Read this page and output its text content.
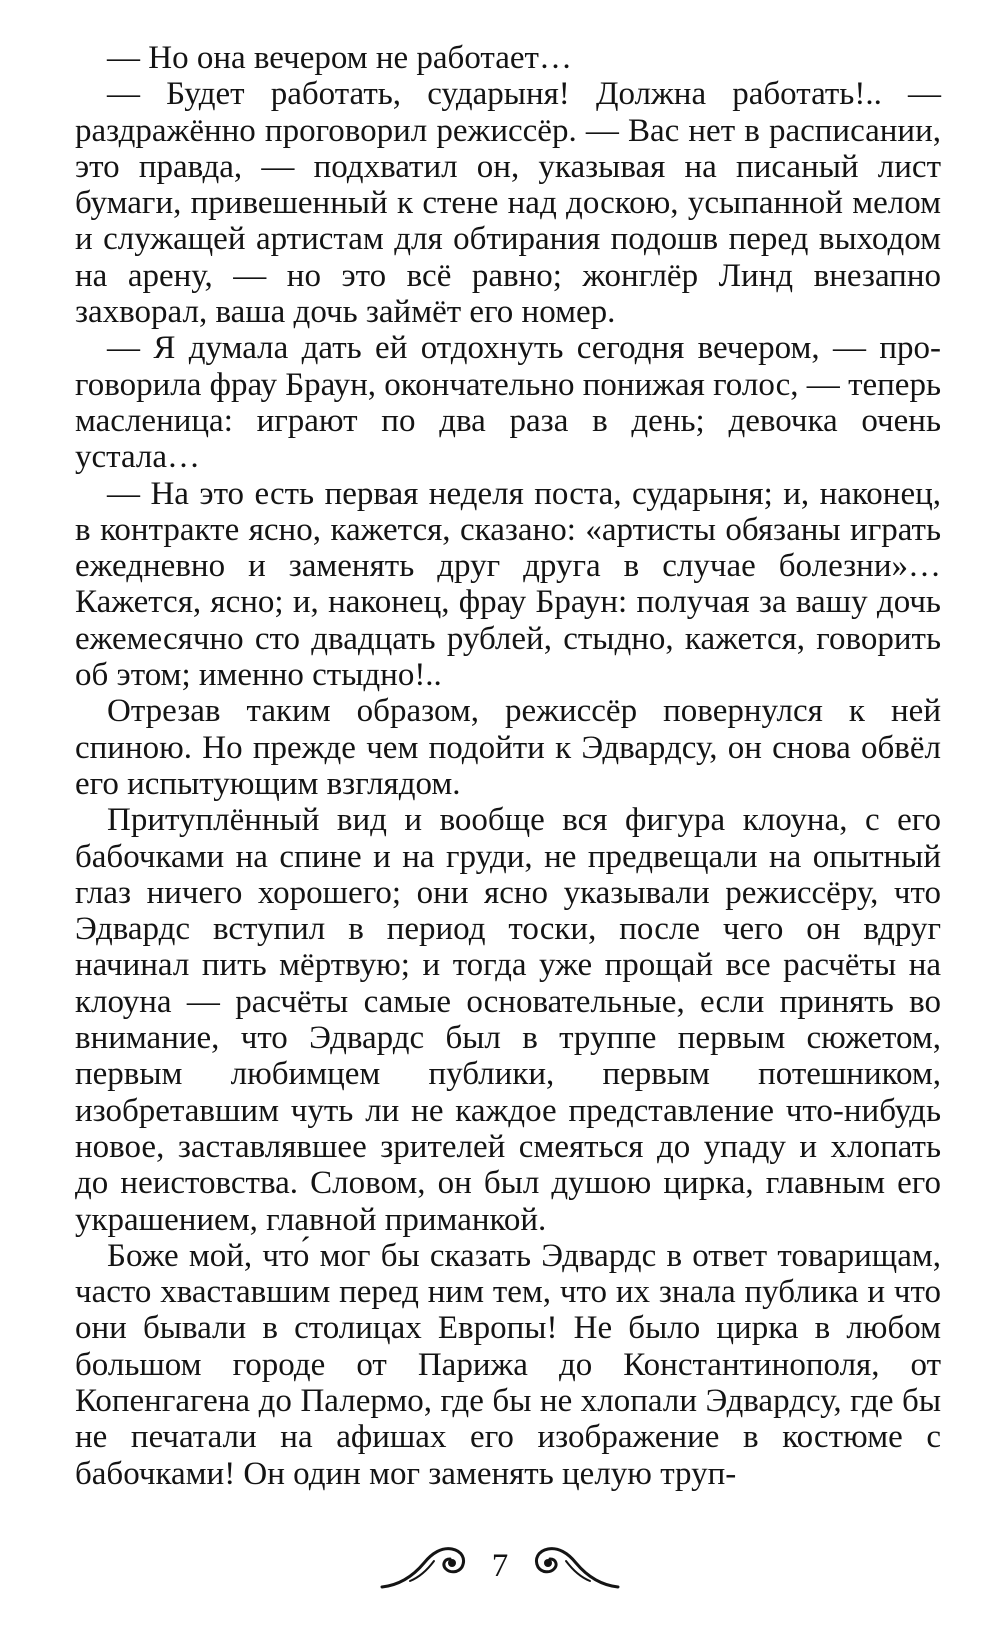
— Но она вечером не работает…

— Будет работать, сударыня! Должна работать!.. — раздражённо проговорил режиссёр. — Вас нет в расписании, это правда, — подхватил он, указывая на писаный лист бумаги, привешенный к стене над доскою, усыпанной мелом и служащей артистам для обтирания подошв перед выходом на арену, — но это всё равно; жонглёр Линд внезапно захворал, ваша дочь займёт его номер.

— Я думала дать ей отдохнуть сегодня вечером, — проговорила фрау Браун, окончательно понижая голос, — теперь масленица: играют по два раза в день; девочка очень устала…

— На это есть первая неделя поста, сударыня; и, наконец, в контракте ясно, кажется, сказано: «артисты обязаны играть ежедневно и заменять друг друга в случае болезни»… Кажется, ясно; и, наконец, фрау Браун: получая за вашу дочь ежемесячно сто двадцать рублей, стыдно, кажется, говорить об этом; именно стыдно!..

Отрезав таким образом, режиссёр повернулся к ней спиною. Но прежде чем подойти к Эдвардсу, он снова обвёл его испытующим взглядом.

Притуплённый вид и вообще вся фигура клоуна, с его бабочками на спине и на груди, не предвещали на опытный глаз ничего хорошего; они ясно указывали режиссёру, что Эдвардс вступил в период тоски, после чего он вдруг начинал пить мёртвую; и тогда уже прощай все расчёты на клоуна — расчёты самые основательные, если принять во внимание, что Эдвардс был в труппе первым сюжетом, первым любимцем публики, первым потешником, изобретавшим чуть ли не каждое представление что-нибудь новое, заставлявшее зрителей смеяться до упаду и хлопать до неистовства. Словом, он был душою цирка, главным его украшением, главной приманкой.

Боже мой, что́ мог бы сказать Эдвардс в ответ товарищам, часто хваставшим перед ним тем, что их знала публика и что они бывали в столицах Европы! Не было цирка в любом большом городе от Парижа до Константинополя, от Копенгагена до Палермо, где бы не хлопали Эдвардсу, где бы не печатали на афишах его изображение в костюме с бабочками! Он один мог заменять целую труп-

7
